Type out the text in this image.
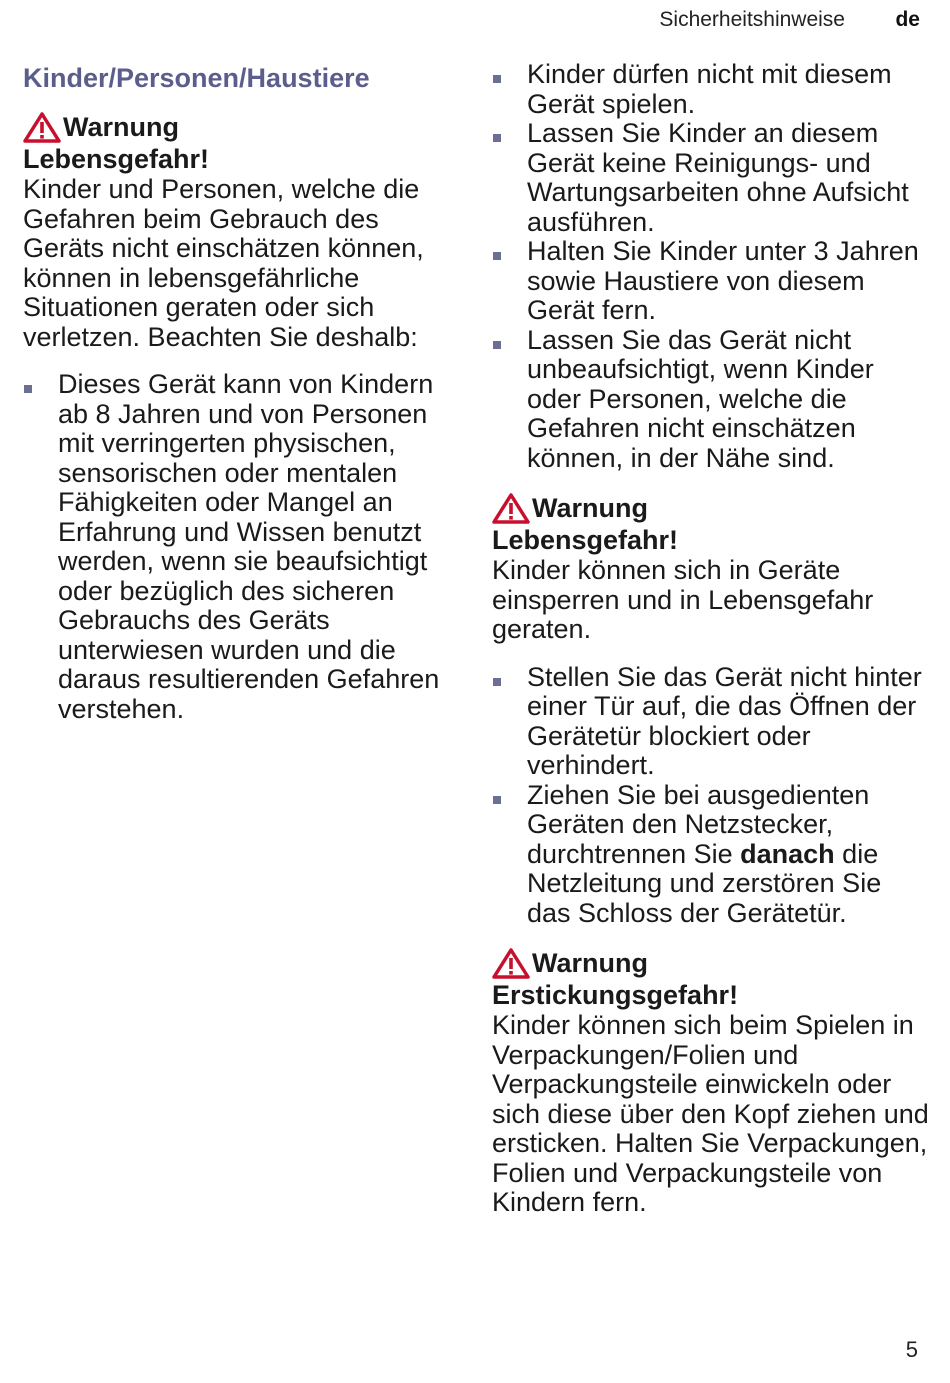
Sicherheitshinweise de
Kinder/Personen/Haustiere
Warnung
Lebensgefahr!

Kinder und Personen, welche die Gefahren beim Gebrauch des Geräts nicht einschätzen können, können in lebensgefährliche Situationen geraten oder sich verletzen. Beachten Sie deshalb:

Dieses Gerät kann von Kindern ab 8 Jahren und von Personen mit verringerten physischen, sensorischen oder mentalen Fähigkeiten oder Mangel an Erfahrung und Wissen benutzt werden, wenn sie beaufsichtigt oder bezüglich des sicheren Gebrauchs des Geräts unterwiesen wurden und die daraus resultierenden Gefahren verstehen.
Kinder dürfen nicht mit diesem Gerät spielen.
Lassen Sie Kinder an diesem Gerät keine Reinigungs- und Wartungsarbeiten ohne Aufsicht ausführen.
Halten Sie Kinder unter 3 Jahren sowie Haustiere von diesem Gerät fern.
Lassen Sie das Gerät nicht unbeaufsichtigt, wenn Kinder oder Personen, welche die Gefahren nicht einschätzen können, in der Nähe sind.
Warnung
Lebensgefahr!

Kinder können sich in Geräte einsperren und in Lebensgefahr geraten.

Stellen Sie das Gerät nicht hinter einer Tür auf, die das Öffnen der Gerätetür blockiert oder verhindert.
Ziehen Sie bei ausgedienten Geräten den Netzstecker, durchtrennen Sie danach die Netzleitung und zerstören Sie das Schloss der Gerätetür.
Warnung
Erstickungsgefahr!

Kinder können sich beim Spielen in Verpackungen/Folien und Verpackungsteile einwickeln oder sich diese über den Kopf ziehen und ersticken. Halten Sie Verpackungen, Folien und Verpackungsteile von Kindern fern.

5
